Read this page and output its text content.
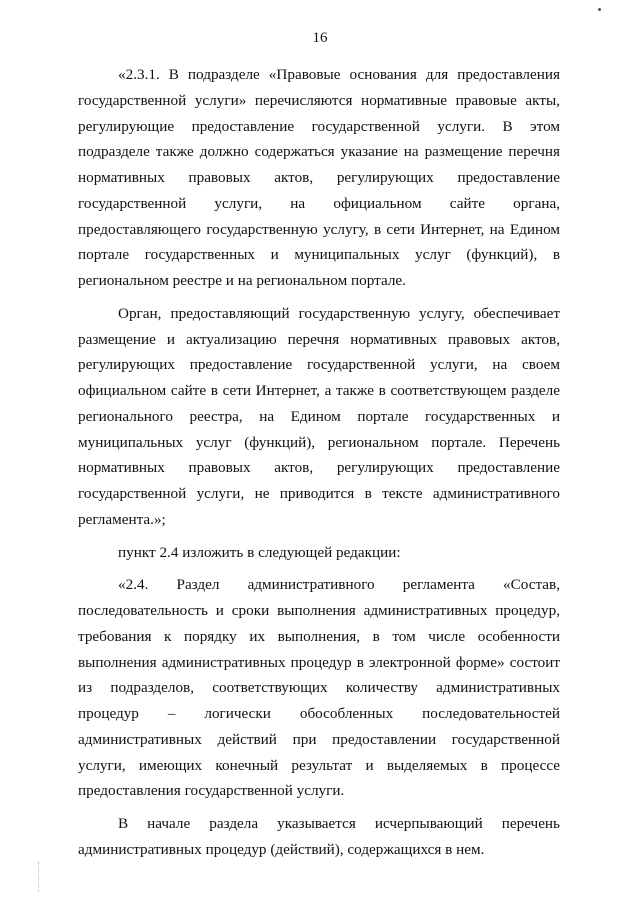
16

«2.3.1. В подразделе «Правовые основания для предоставления государственной услуги» перечисляются нормативные правовые акты, регулирующие предоставление государственной услуги. В этом подразделе также должно содержаться указание на размещение перечня нормативных правовых актов, регулирующих предоставление государственной услуги, на официальном сайте органа, предоставляющего государственную услугу, в сети Интернет, на Едином портале государственных и муниципальных услуг (функций), в региональном реестре и на региональном портале.

Орган, предоставляющий государственную услугу, обеспечивает размещение и актуализацию перечня нормативных правовых актов, регулирующих предоставление государственной услуги, на своем официальном сайте в сети Интернет, а также в соответствующем разделе регионального реестра, на Едином портале государственных и муниципальных услуг (функций), региональном портале. Перечень нормативных правовых актов, регулирующих предоставление государственной услуги, не приводится в тексте административного регламента.»;

пункт 2.4 изложить в следующей редакции:

«2.4. Раздел административного регламента «Состав, последовательность и сроки выполнения административных процедур, требования к порядку их выполнения, в том числе особенности выполнения административных процедур в электронной форме» состоит из подразделов, соответствующих количеству административных процедур – логически обособленных последовательностей административных действий при предоставлении государственной услуги, имеющих конечный результат и выделяемых в процессе предоставления государственной услуги.

В начале раздела указывается исчерпывающий перечень административных процедур (действий), содержащихся в нем.
